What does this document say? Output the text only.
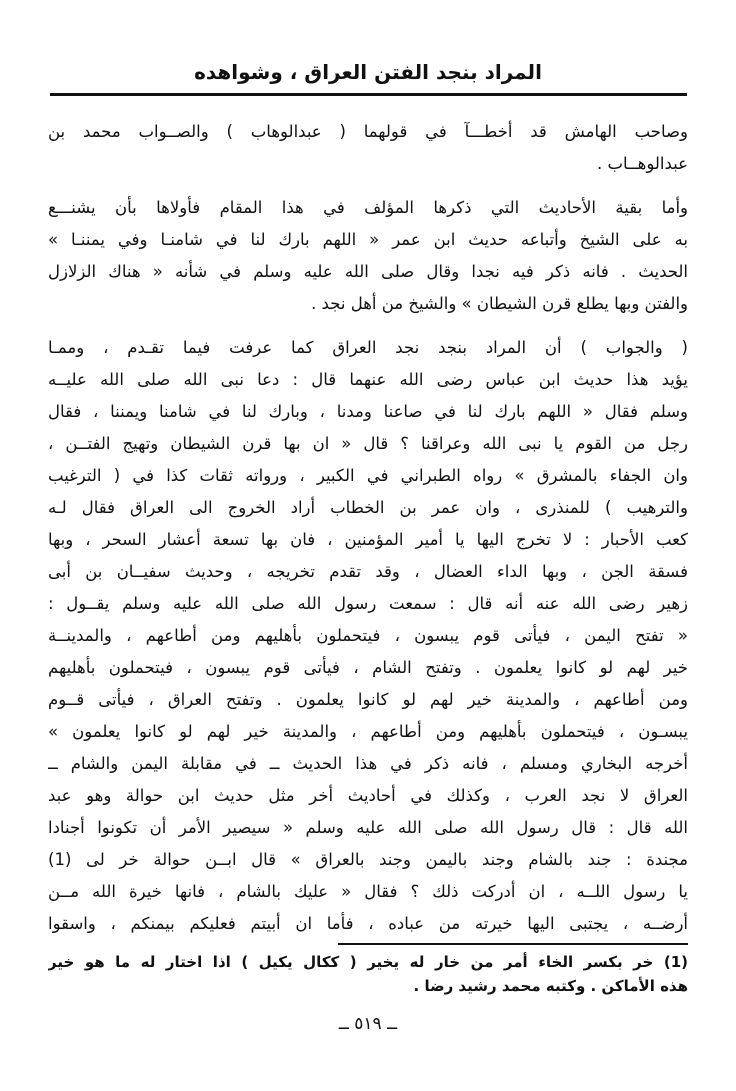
المراد بنجد الفتن العراق ، وشواهده
وصاحب الهامش قد أخطـــآ في قولهما ( عبدالوهاب ) والصــواب محمد بن
عبدالوهــاب .
وأما بقية الأحاديث التي ذكرها المؤلف في هذا المقام فأولاها بأن يشنـــع
به على الشيخ وأتباعه حديث ابن عمر « اللهم بارك لنا في شامنـا وفي يمننـا »
الحديث . فانه ذكر فيه نجدا وقال صلى الله عليه وسلم في شأنه « هناك الزلازل
والفتن وبها يطلع قرن الشيطان » والشيخ من أهل نجد .
( والجواب ) أن المراد بنجد نجد العراق كما عرفت فيما تقـدم ، وممـا
يؤيد هذا حديث ابن عباس رضى الله عنهما قال : دعا نبى الله صلى الله عليــه
وسلم فقال « اللهم بارك لنا في صاعنا ومدنا ، وبارك لنا في شامنا ويمننا ، فقال
رجل من القوم يا نبى الله وعراقنا ؟ قال « ان بها قرن الشيطان وتهيج الفتــن ،
وان الجفاء بالمشرق » رواه الطبراني في الكبير ، ورواته ثقات كذا في ( الترغيب
والترهيب ) للمنذرى ، وان عمر بن الخطاب أراد الخروج الى العراق فقال لـه
كعب الأحبار : لا تخرج اليها يا أمير المؤمنين ، فان بها تسعة أعشار السحر ، وبها
فسقة الجن ، وبها الداء العضال ، وقد تقدم تخريجه ، وحديث سفيــان بن أبى
زهير رضى الله عنه أنه قال : سمعت رسول الله صلى الله عليه وسلم يقــول :
« تفتح اليمن ، فيأتى قوم يبسون ، فيتحملون بأهليهم ومن أطاعهم ، والمدينــة
خير لهم لو كانوا يعلمون . وتفتح الشام ، فيأتى قوم يبسون ، فيتحملون بأهليهم
ومن أطاعهم ، والمدينة خير لهم لو كانوا يعلمون . وتفتح العراق ، فيأتى قــوم
يبسـون ، فيتحملون بأهليهم ومن أطاعهم ، والمدينة خير لهم لو كانوا يعلمون »
أخرجه البخاري ومسلم ، فانه ذكر في هذا الحديث ــ في مقابلة اليمن والشام ــ
العراق لا نجد العرب ، وكذلك في أحاديث أخر مثل حديث ابن حوالة وهو عبد
الله قال : قال رسول الله صلى الله عليه وسلم « سيصير الأمر أن تكونوا أجنادا
مجندة : جند بالشام وجند باليمن وجند بالعراق » قال ابــن حوالة خر لى (1)
يا رسول اللــه ، ان أدركت ذلك ؟ فقال « عليك بالشام ، فانها خيرة الله مــن
أرضــه ، يجتبى اليها خيرته من عباده ، فأما ان أبيتم فعليكم بيمنكم ، واسقوا
(1) خر بكسر الخاء أمر من خار له يخير ( ككال يكيل ) اذا اختار له ما هو خير
هذه الأماكن . وكتبه محمد رشيد رضا .
ــ ٥١٩ ــ
